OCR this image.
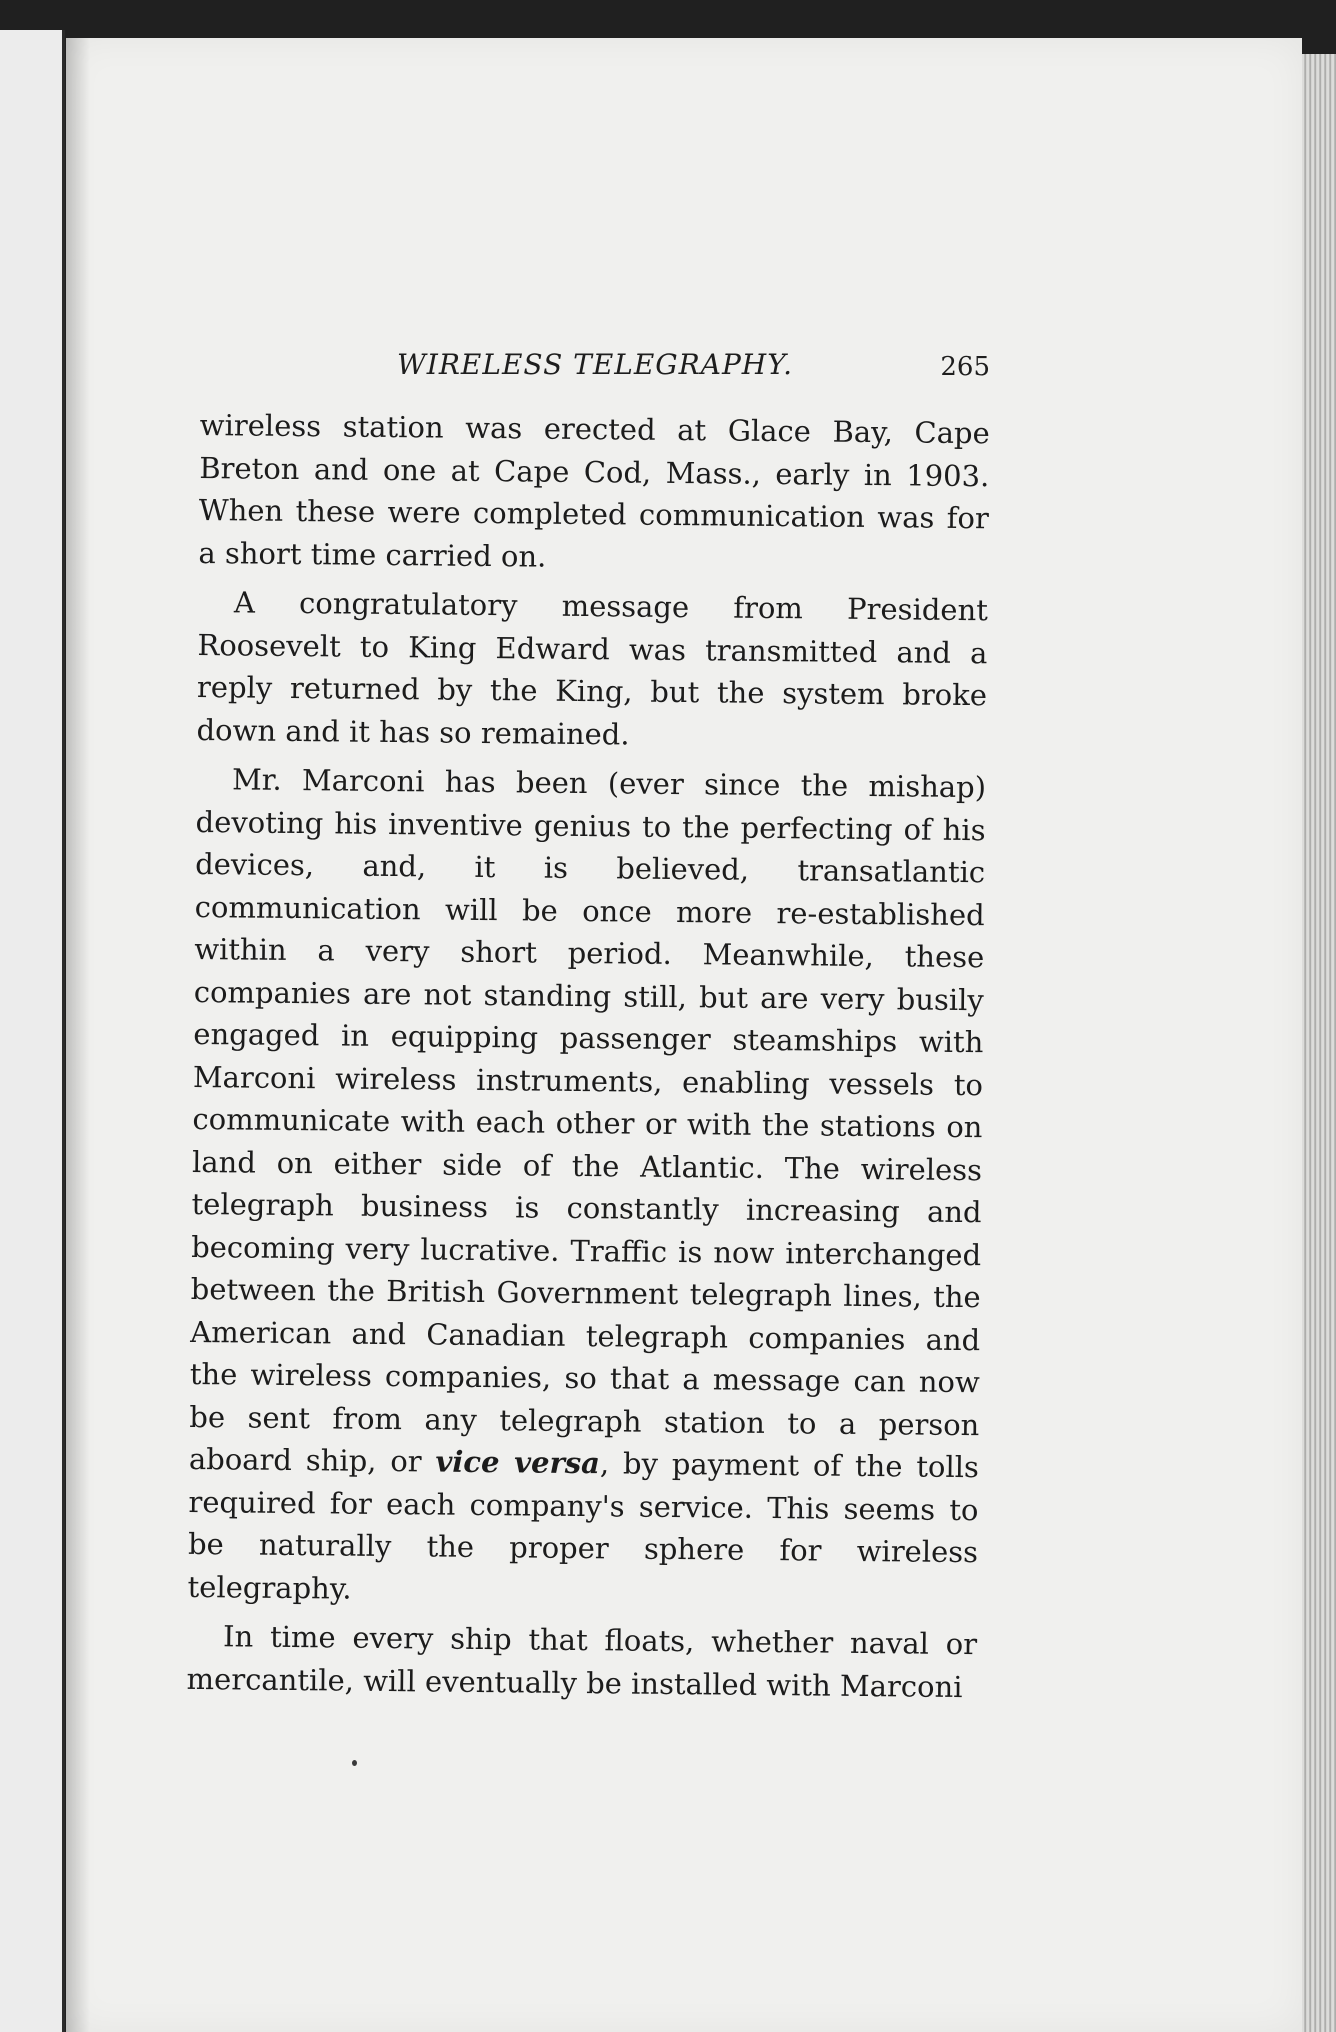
WIRELESS TELEGRAPHY.	265

wireless station was erected at Glace Bay, Cape Breton and one at Cape Cod, Mass., early in 1903. When these were completed communication was for a short time carried on.

A congratulatory message from President Roosevelt to King Edward was transmitted and a reply returned by the King, but the system broke down and it has so remained.

Mr. Marconi has been (ever since the mishap) devoting his inventive genius to the perfecting of his devices, and, it is believed, transatlantic communication will be once more re-established within a very short period. Meanwhile, these companies are not standing still, but are very busily engaged in equipping passenger steamships with Marconi wireless instruments, enabling vessels to communicate with each other or with the stations on land on either side of the Atlantic. The wireless telegraph business is constantly increasing and becoming very lucrative. Traffic is now interchanged between the British Government telegraph lines, the American and Canadian telegraph companies and the wireless companies, so that a message can now be sent from any telegraph station to a person aboard ship, or vice versa, by payment of the tolls required for each company's service. This seems to be naturally the proper sphere for wireless telegraphy.

In time every ship that floats, whether naval or mercantile, will eventually be installed with Marconi
